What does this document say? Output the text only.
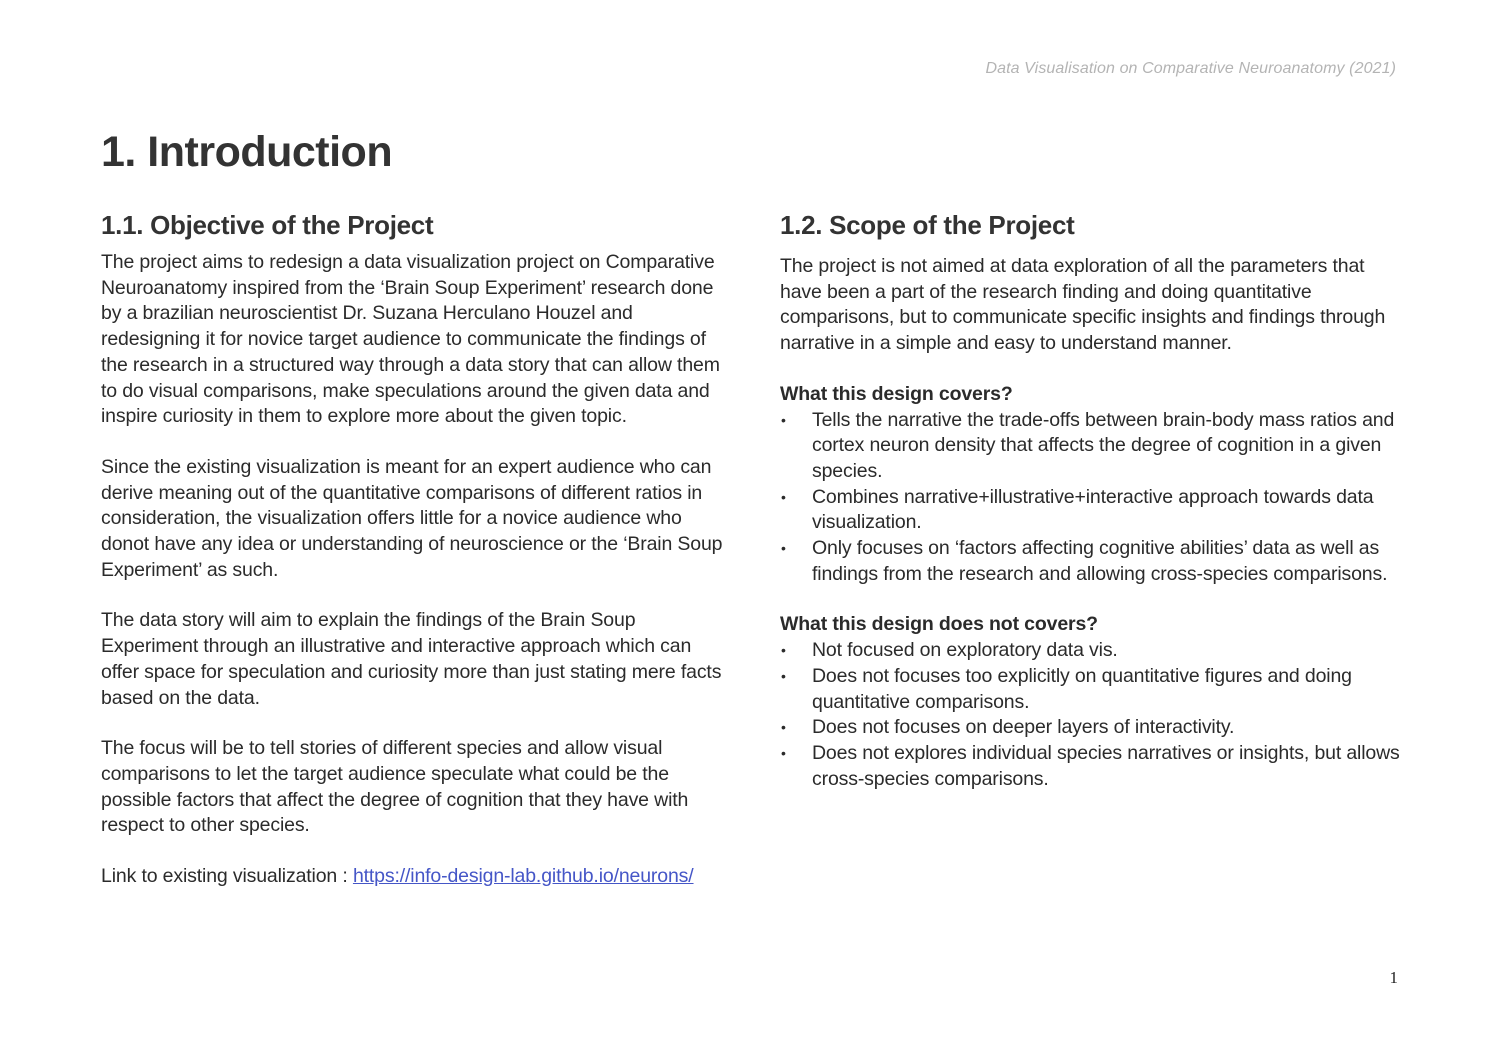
Data Visualisation on Comparative Neuroanatomy (2021)
1. Introduction
1.1. Objective of the Project

The project aims to redesign a data visualization project on Comparative Neuroanatomy inspired from the ‘Brain Soup Experiment’ research done by a brazilian neuroscientist Dr. Suzana Herculano Houzel and redesigning it for novice target audience to communicate the findings of the research in a structured way through a data story that can allow them to do visual comparisons, make speculations around the given data and inspire curiosity in them to explore more about the given topic.

Since the existing visualization is meant for an expert audience who can derive meaning out of the quantitative comparisons of different ratios in consideration, the visualization offers little for a novice audience who donot have any idea or understanding of neuroscience or the ‘Brain Soup Experiment’ as such.

The data story will aim to explain the findings of the Brain Soup Experiment through an illustrative and interactive approach which can offer space for speculation and curiosity more than just stating mere facts based on the data.

The focus will be to tell stories of different species and allow visual comparisons to let the target audience speculate what could be the possible factors that affect the degree of cognition that they have with respect to other species.

Link to existing visualization : https://info-design-lab.github.io/neurons/

1.2. Scope of the Project

The project is not aimed at data exploration of all the parameters that have been a part of the research finding and doing quantitative comparisons, but to communicate specific insights and findings through narrative in a simple and easy to understand manner.

What this design covers?
• Tells the narrative the trade-offs between brain-body mass ratios and cortex neuron density that affects the degree of cognition in a given species.
• Combines narrative+illustrative+interactive approach towards data visualization.
• Only focuses on ‘factors affecting cognitive abilities’ data as well as findings from the research and allowing cross-species comparisons.
What this design does not covers?
• Not focused on exploratory data vis.
• Does not focuses too explicitly on quantitative figures and doing quantitative comparisons.
• Does not focuses on deeper layers of interactivity.
• Does not explores individual species narratives or insights, but allows cross-species comparisons.
1
